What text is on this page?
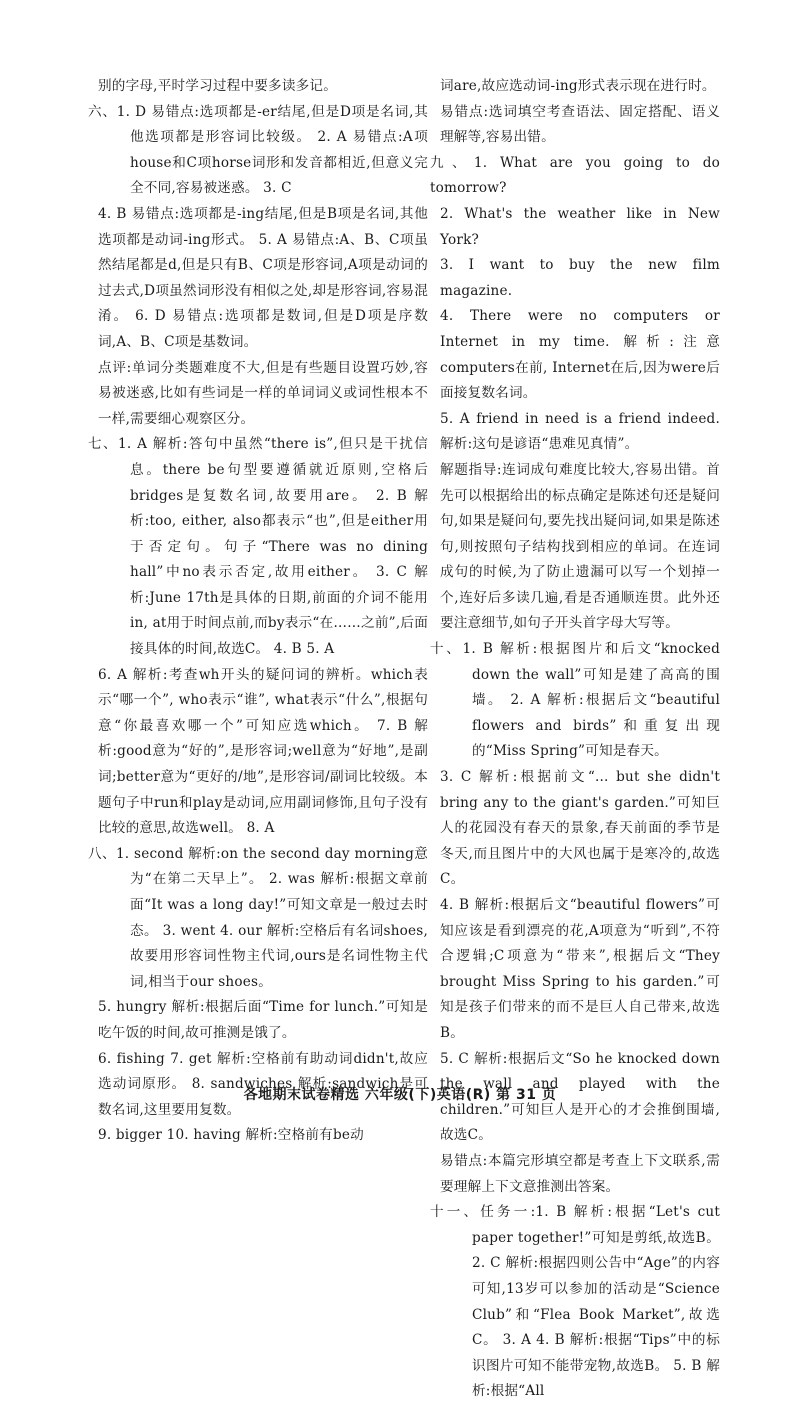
别的字母,平时学习过程中要多读多记。

六、1. D 易错点:选项都是-er结尾,但是D项是名词,其他选项都是形容词比较级。 2. A 易错点:A项house和C项horse词形和发音都相近,但意义完全不同,容易被迷惑。 3. C

4. B 易错点:选项都是-ing结尾,但是B项是名词,其他选项都是动词-ing形式。 5. A 易错点:A、B、C项虽然结尾都是d,但是只有B、C项是形容词,A项是动词的过去式,D项虽然词形没有相似之处,却是形容词,容易混淆。 6. D 易错点:选项都是数词,但是D项是序数词,A、B、C项是基数词。

点评:单词分类题难度不大,但是有些题目设置巧妙,容易被迷惑,比如有些词是一样的单词词义或词性根本不一样,需要细心观察区分。

七、1. A 解析:答句中虽然“there is”,但只是干扰信息。there be句型要遵循就近原则,空格后bridges是复数名词,故要用are。 2. B 解析:too, either, also都表示“也”,但是either用于否定句。句子“There was no dining hall”中no表示否定,故用either。 3. C 解析:June 17th是具体的日期,前面的介词不能用in, at用于时间点前,而by表示“在……之前”,后面接具体的时间,故选C。 4. B 5. A

6. A 解析:考查wh开头的疑问词的辨析。which表示“哪一个”, who表示“谁”, what表示“什么”,根据句意“你最喜欢哪一个”可知应选which。 7. B 解析:good意为“好的”,是形容词;well意为“好地”,是副词;better意为“更好的/地”,是形容词/副词比较级。本题句子中run和play是动词,应用副词修饰,且句子没有比较的意思,故选well。 8. A

八、1. second 解析:on the second day morning意为“在第二天早上”。 2. was 解析:根据文章前面“It was a long day!”可知文章是一般过去时态。 3. went 4. our 解析:空格后有名词shoes,故要用形容词性物主代词,ours是名词性物主代词,相当于our shoes。

5. hungry 解析:根据后面“Time for lunch.”可知是吃午饭的时间,故可推测是饿了。

6. fishing 7. get 解析:空格前有助动词didn't,故应选动词原形。 8. sandwiches 解析:sandwich是可数名词,这里要用复数。

9. bigger 10. having 解析:空格前有be动

词are,故应选动词-ing形式表示现在进行时。

易错点:选词填空考查语法、固定搭配、语义理解等,容易出错。

九、1. What are you going to do tomorrow?

2. What's the weather like in New York?

3. I want to buy the new film magazine.

4. There were no computers or Internet in my time. 解析:注意computers在前, Internet在后,因为were后面接复数名词。

5. A friend in need is a friend indeed. 解析:这句是谚语“患难见真情”。

解题指导:连词成句难度比较大,容易出错。首先可以根据给出的标点确定是陈述句还是疑问句,如果是疑问句,要先找出疑问词,如果是陈述句,则按照句子结构找到相应的单词。在连词成句的时候,为了防止遗漏可以写一个划掉一个,连好后多读几遍,看是否通顺连贯。此外还要注意细节,如句子开头首字母大写等。

十、1. B 解析:根据图片和后文“knocked down the wall”可知是建了高高的围墙。 2. A 解析:根据后文“beautiful flowers and birds”和重复出现的“Miss Spring”可知是春天。

3. C 解析:根据前文“... but she didn't bring any to the giant's garden.”可知巨人的花园没有春天的景象,春天前面的季节是冬天,而且图片中的大风也属于是寒冷的,故选C。

4. B 解析:根据后文“beautiful flowers”可知应该是看到漂亮的花,A项意为“听到”,不符合逻辑;C项意为“带来”,根据后文“They brought Miss Spring to his garden.”可知是孩子们带来的而不是巨人自己带来,故选B。

5. C 解析:根据后文“So he knocked down the wall and played with the children.”可知巨人是开心的才会推倒围墙,故选C。

易错点:本篇完形填空都是考查上下文联系,需要理解上下文意推测出答案。

十一、任务一:1. B 解析:根据“Let's cut paper together!”可知是剪纸,故选B。 2. C 解析:根据四则公告中“Age”的内容可知,13岁可以参加的活动是“Science Club”和“Flea Book Market”,故选C。 3. A 4. B 解析:根据“Tips”中的标识图片可知不能带宠物,故选B。 5. B 解析:根据“All

各地期末试卷精选 六年级(下)英语(R) 第 31 页
